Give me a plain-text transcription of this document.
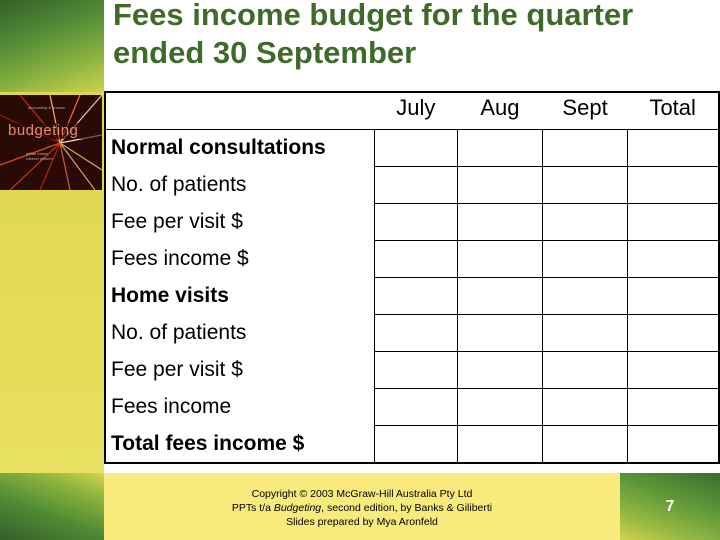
accounting & finance
budgeting
gillian banks
roberto giliberti
Fees income budget for the quarter ended 30 September
	July	Aug	Sept	Total
Normal consultations				
No. of patients				
Fee per visit $				
Fees income $				
Home visits				
No. of patients				
Fee per visit $				
Fees income				
Total fees income $				
Copyright © 2003 McGraw-Hill Australia Pty Ltd
PPTs t/a Budgeting, second edition, by Banks & Giliberti
Slides prepared by Mya Aronfeld
7
